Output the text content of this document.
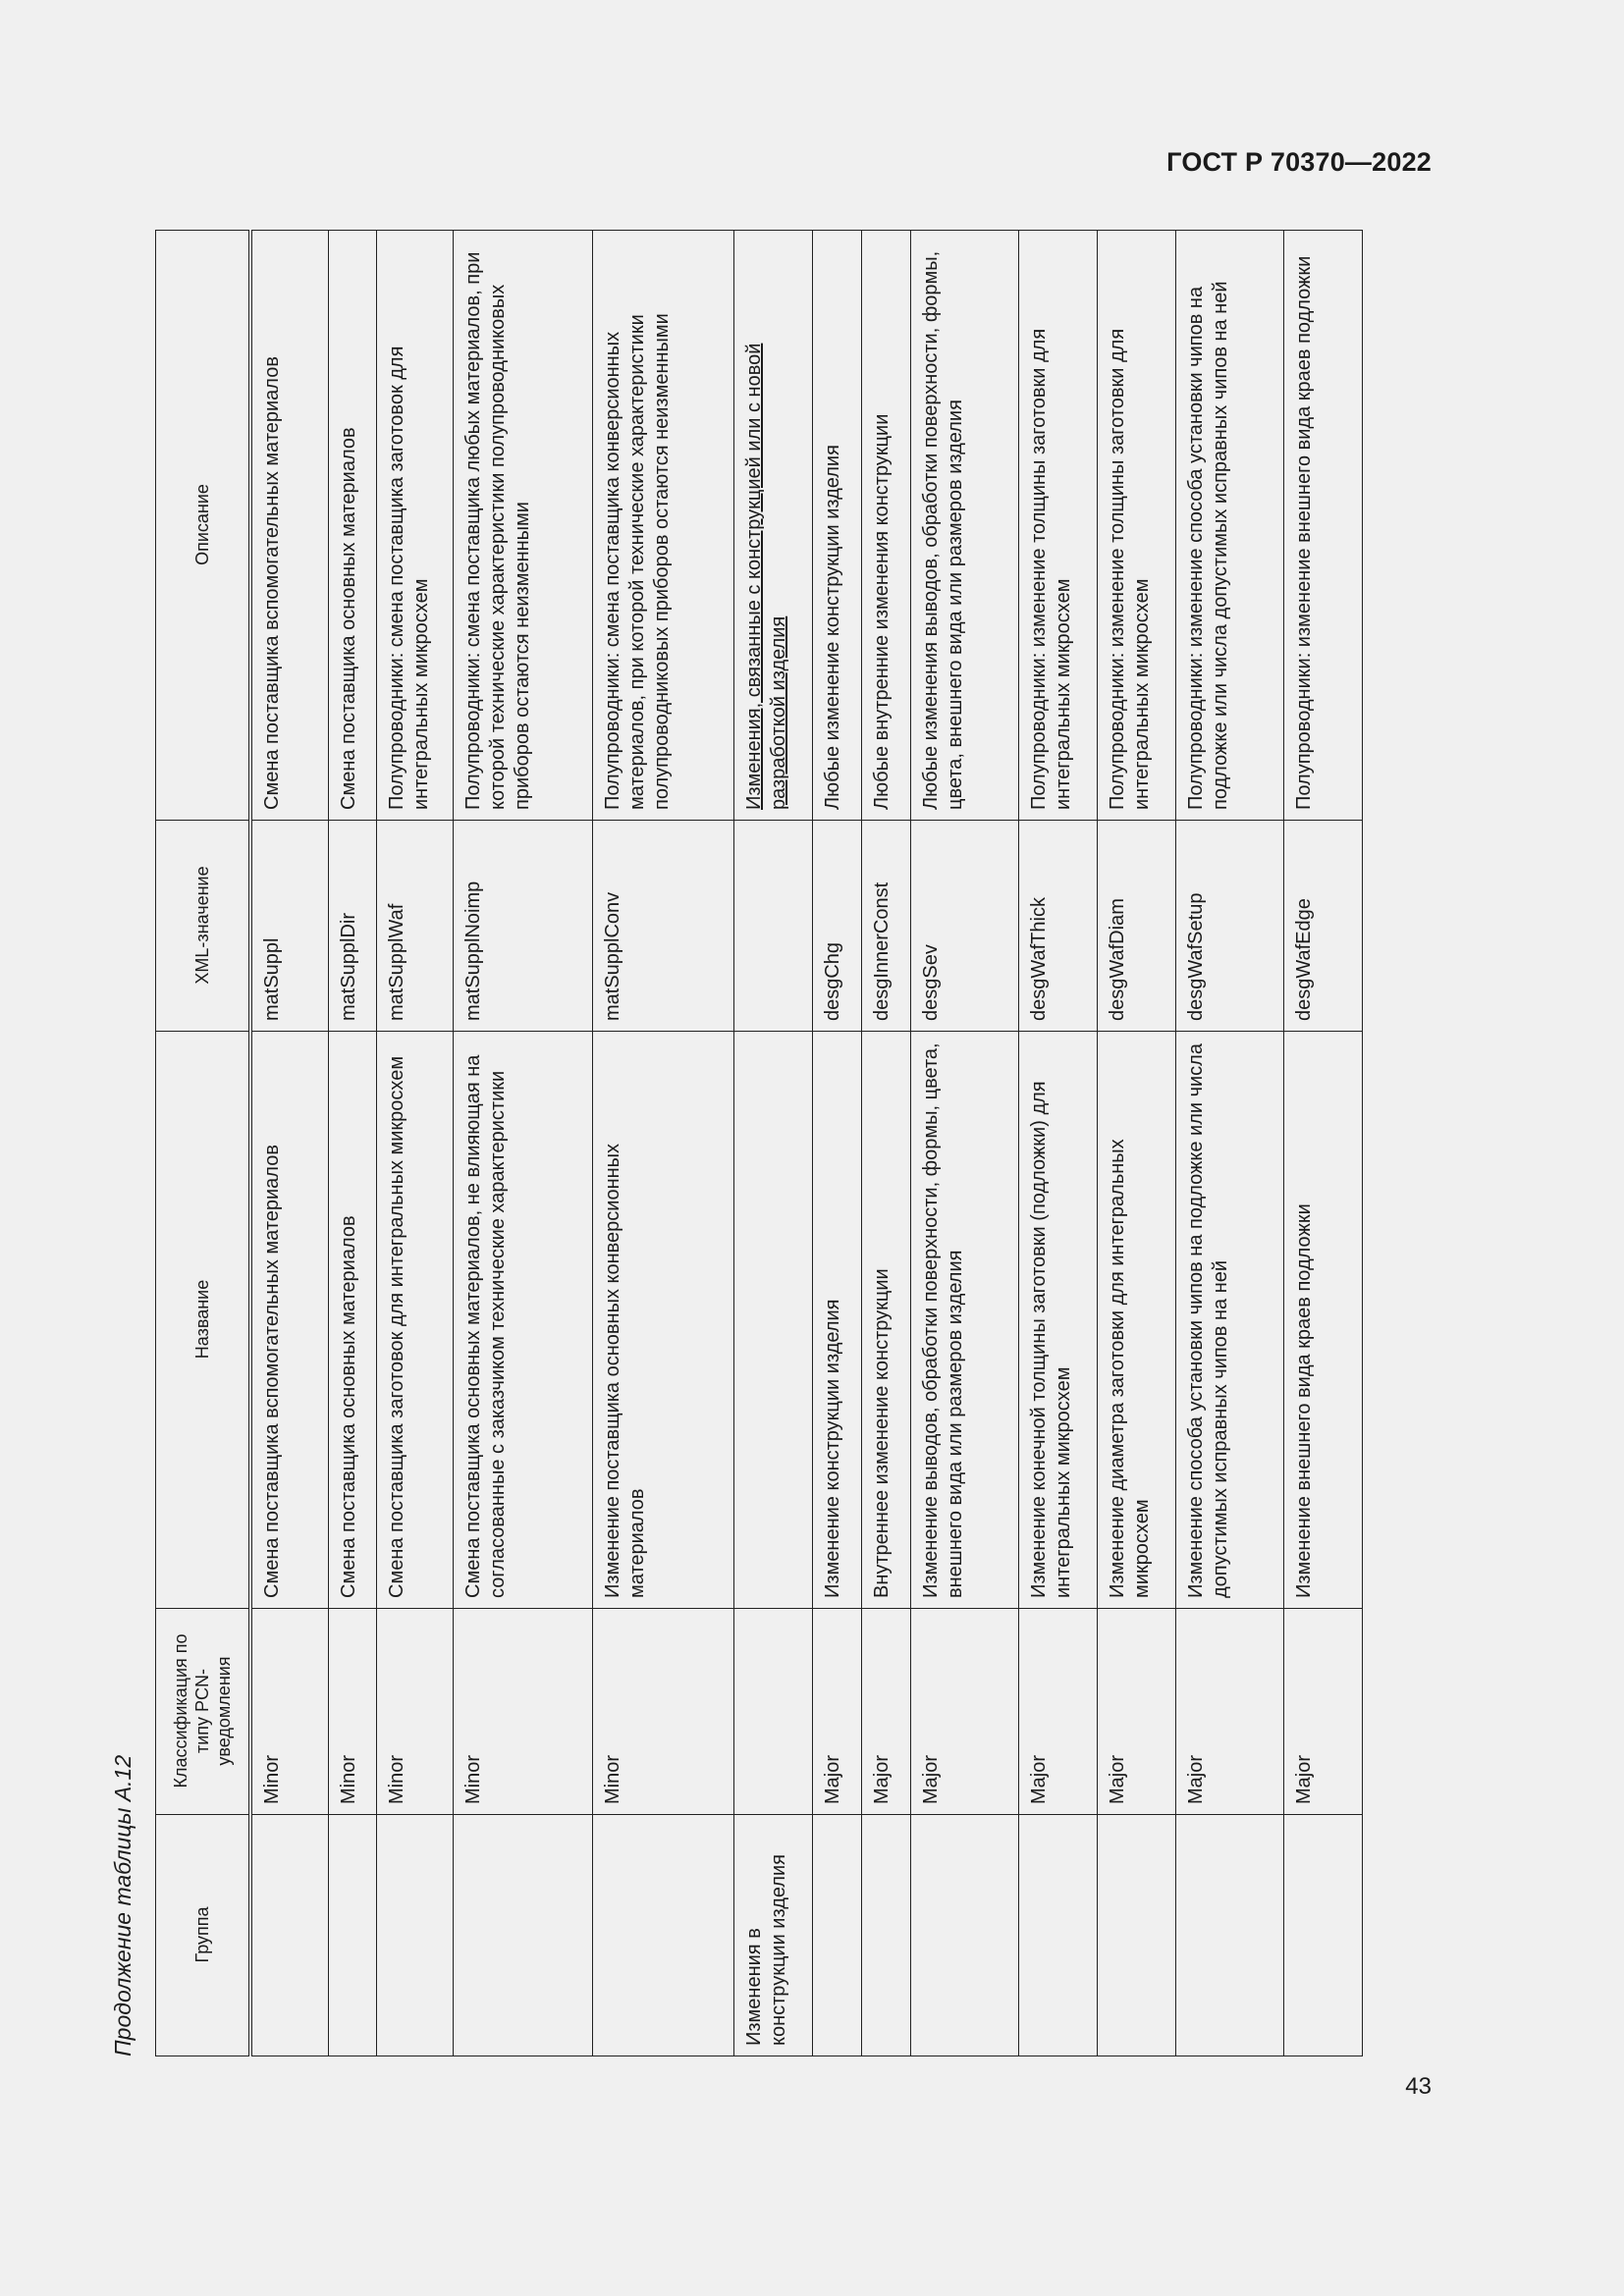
ГОСТ Р 70370—2022
Продолжение таблицы А.12	Группа	Классификация по типу PCN-уведомления	Название	XML-значение	Описание
	Minor	Смена поставщика вспомогательных материалов	matSuppl	Смена поставщика вспомогательных материалов
	Minor	Смена поставщика основных материалов	matSupplDir	Смена поставщика основных материалов
	Minor	Смена поставщика заготовок для интегральных микросхем	matSupplWaf	Полупроводники: смена поставщика заготовок для интегральных микросхем
	Minor	Смена поставщика основных материалов, не влияющая на согласованные с заказчиком технические характеристики	matSupplNoimp	Полупроводники: смена поставщика любых материалов, при которой технические характеристики полупроводниковых приборов остаются неизменными
	Minor	Изменение поставщика основных конверсионных материалов	matSupplConv	Полупроводники: смена поставщика конверсионных материалов, при которой технические характеристики полупроводниковых приборов остаются неизменными
Изменения в конструкции изделия				Изменения, связанные с конструкцией или с новой разработкой изделия
	Major	Изменение конструкции изделия	desgChg	Любые изменение конструкции изделия
	Major	Внутреннее изменение конструкции	desgInnerConst	Любые внутренние изменения конструкции
	Major	Изменение выводов, обработки поверхности, формы, цвета, внешнего вида или размеров изделия	desgSev	Любые изменения выводов, обработки поверхности, формы, цвета, внешнего вида или размеров изделия
	Major	Изменение конечной толщины заготовки (подложки) для интегральных микросхем	desgWafThick	Полупроводники: изменение толщины заготовки для интегральных микросхем
	Major	Изменение диаметра заготовки для интегральных микросхем	desgWafDiam	Полупроводники: изменение толщины заготовки для интегральных микросхем
	Major	Изменение способа установки чипов на подложке или числа допустимых исправных чипов на ней	desgWafSetup	Полупроводники: изменение способа установки чипов на подложке или числа допустимых исправных чипов на ней
	Major	Изменение внешнего вида краев подложки	desgWafEdge	Полупроводники: изменение внешнего вида краев подложки
43
